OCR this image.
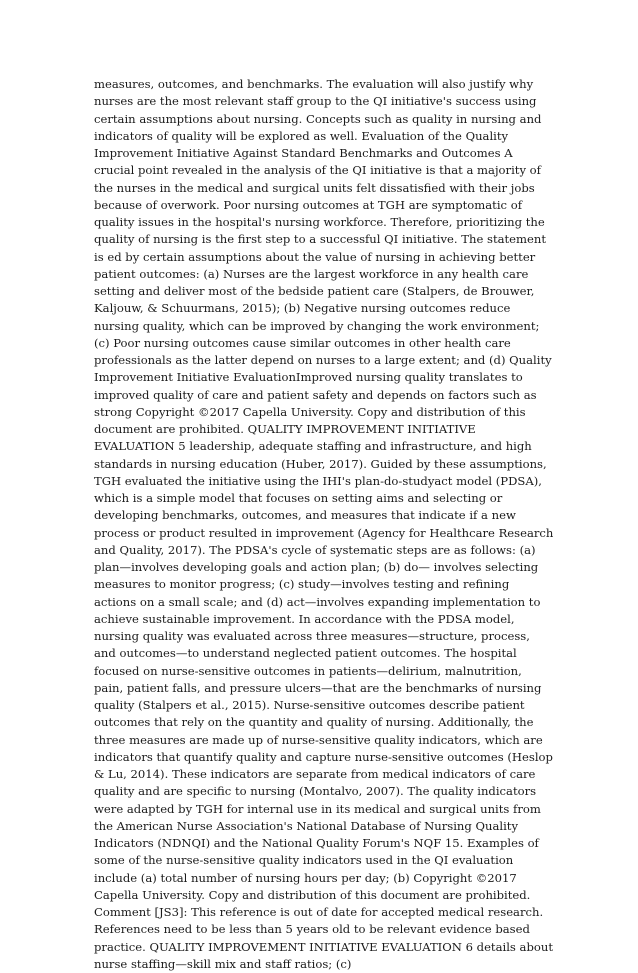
measures, outcomes, and benchmarks. The evaluation will also justify why nurses are the most relevant staff group to the QI initiative's success using certain assumptions about nursing. Concepts such as quality in nursing and indicators of quality will be explored as well. Evaluation of the Quality Improvement Initiative Against Standard Benchmarks and Outcomes A crucial point revealed in the analysis of the QI initiative is that a majority of the nurses in the medical and surgical units felt dissatisfied with their jobs because of overwork. Poor nursing outcomes at TGH are symptomatic of quality issues in the hospital's nursing workforce. Therefore, prioritizing the quality of nursing is the first step to a successful QI initiative. The statement is ed by certain assumptions about the value of nursing in achieving better patient outcomes: (a) Nurses are the largest workforce in any health care setting and deliver most of the bedside patient care (Stalpers, de Brouwer, Kaljouw, & Schuurmans, 2015); (b) Negative nursing outcomes reduce nursing quality, which can be improved by changing the work environment; (c) Poor nursing outcomes cause similar outcomes in other health care professionals as the latter depend on nurses to a large extent; and (d) Quality Improvement Initiative EvaluationImproved nursing quality translates to improved quality of care and patient safety and depends on factors such as strong Copyright ©2017 Capella University. Copy and distribution of this document are prohibited. QUALITY IMPROVEMENT INITIATIVE EVALUATION 5 leadership, adequate staffing and infrastructure, and high standards in nursing education (Huber, 2017). Guided by these assumptions, TGH evaluated the initiative using the IHI's plan-do-studyact model (PDSA), which is a simple model that focuses on setting aims and selecting or developing benchmarks, outcomes, and measures that indicate if a new process or product resulted in improvement (Agency for Healthcare Research and Quality, 2017). The PDSA's cycle of systematic steps are as follows: (a) plan—involves developing goals and action plan; (b) do— involves selecting measures to monitor progress; (c) study—involves testing and refining actions on a small scale; and (d) act—involves expanding implementation to achieve sustainable improvement. In accordance with the PDSA model, nursing quality was evaluated across three measures—structure, process, and outcomes—to understand neglected patient outcomes. The hospital focused on nurse-sensitive outcomes in patients—delirium, malnutrition, pain, patient falls, and pressure ulcers—that are the benchmarks of nursing quality (Stalpers et al., 2015). Nurse-sensitive outcomes describe patient outcomes that rely on the quantity and quality of nursing. Additionally, the three measures are made up of nurse-sensitive quality indicators, which are indicators that quantify quality and capture nurse-sensitive outcomes (Heslop & Lu, 2014). These indicators are separate from medical indicators of care quality and are specific to nursing (Montalvo, 2007). The quality indicators were adapted by TGH for internal use in its medical and surgical units from the American Nurse Association's National Database of Nursing Quality Indicators (NDNQI) and the National Quality Forum's NQF 15. Examples of some of the nurse-sensitive quality indicators used in the QI evaluation include (a) total number of nursing hours per day; (b) Copyright ©2017 Capella University. Copy and distribution of this document are prohibited. Comment [JS3]: This reference is out of date for accepted medical research. References need to be less than 5 years old to be relevant evidence based practice. QUALITY IMPROVEMENT INITIATIVE EVALUATION 6 details about nurse staffing—skill mix and staff ratios; (c)
